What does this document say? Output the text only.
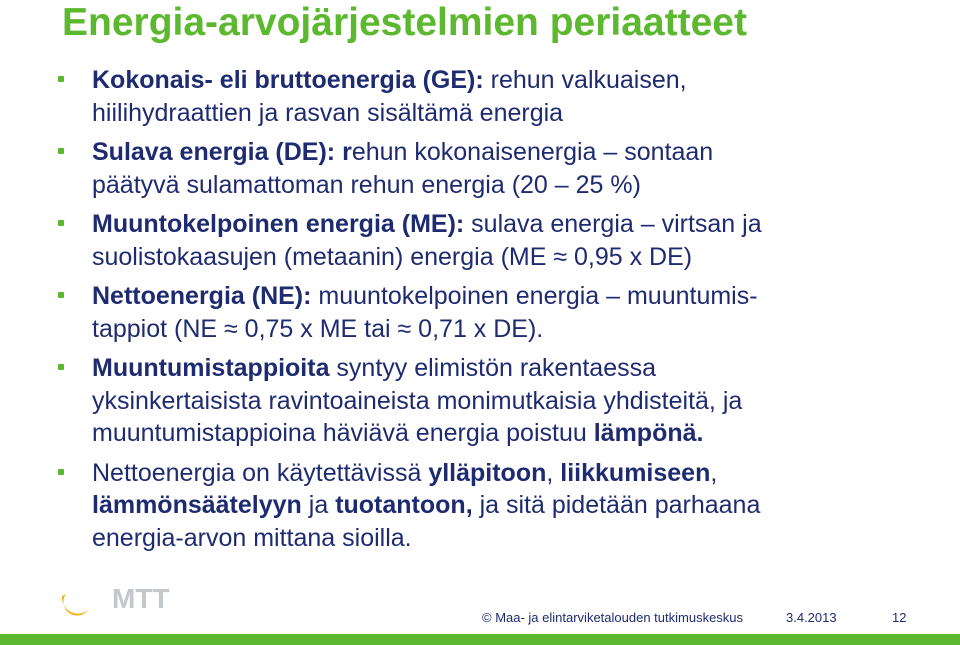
Energia-arvojärjestelmien periaatteet
Kokonais- eli bruttoenergia (GE): rehun valkuaisen,
hiilihydraattien ja rasvan sisältämä energia
Sulava energia (DE): rehun kokonaisenergia – sontaan
päätyvä sulamattoman rehun energia (20 – 25 %)
Muuntokelpoinen energia (ME): sulava energia – virtsan ja
suolistokaasujen (metaanin) energia (ME ≈ 0,95 x DE)
Nettoenergia (NE): muuntokelpoinen energia – muuntumis-
tappiot (NE ≈ 0,75 x ME tai ≈ 0,71 x DE).
Muuntumistappioita syntyy elimistön rakentaessa
yksinkertaisista ravintoaineista monimutkaisia yhdisteitä, ja
muuntumistappioina häviävä energia poistuu lämpönä.
Nettoenergia on käytettävissä ylläpitoon, liikkumiseen,
lämmönsäätelyyn ja tuotantoon, ja sitä pidetään parhaana
energia-arvon mittana sioilla.
MTT
© Maa- ja elintarviketalouden tutkimuskeskus	3.4.2013	12
